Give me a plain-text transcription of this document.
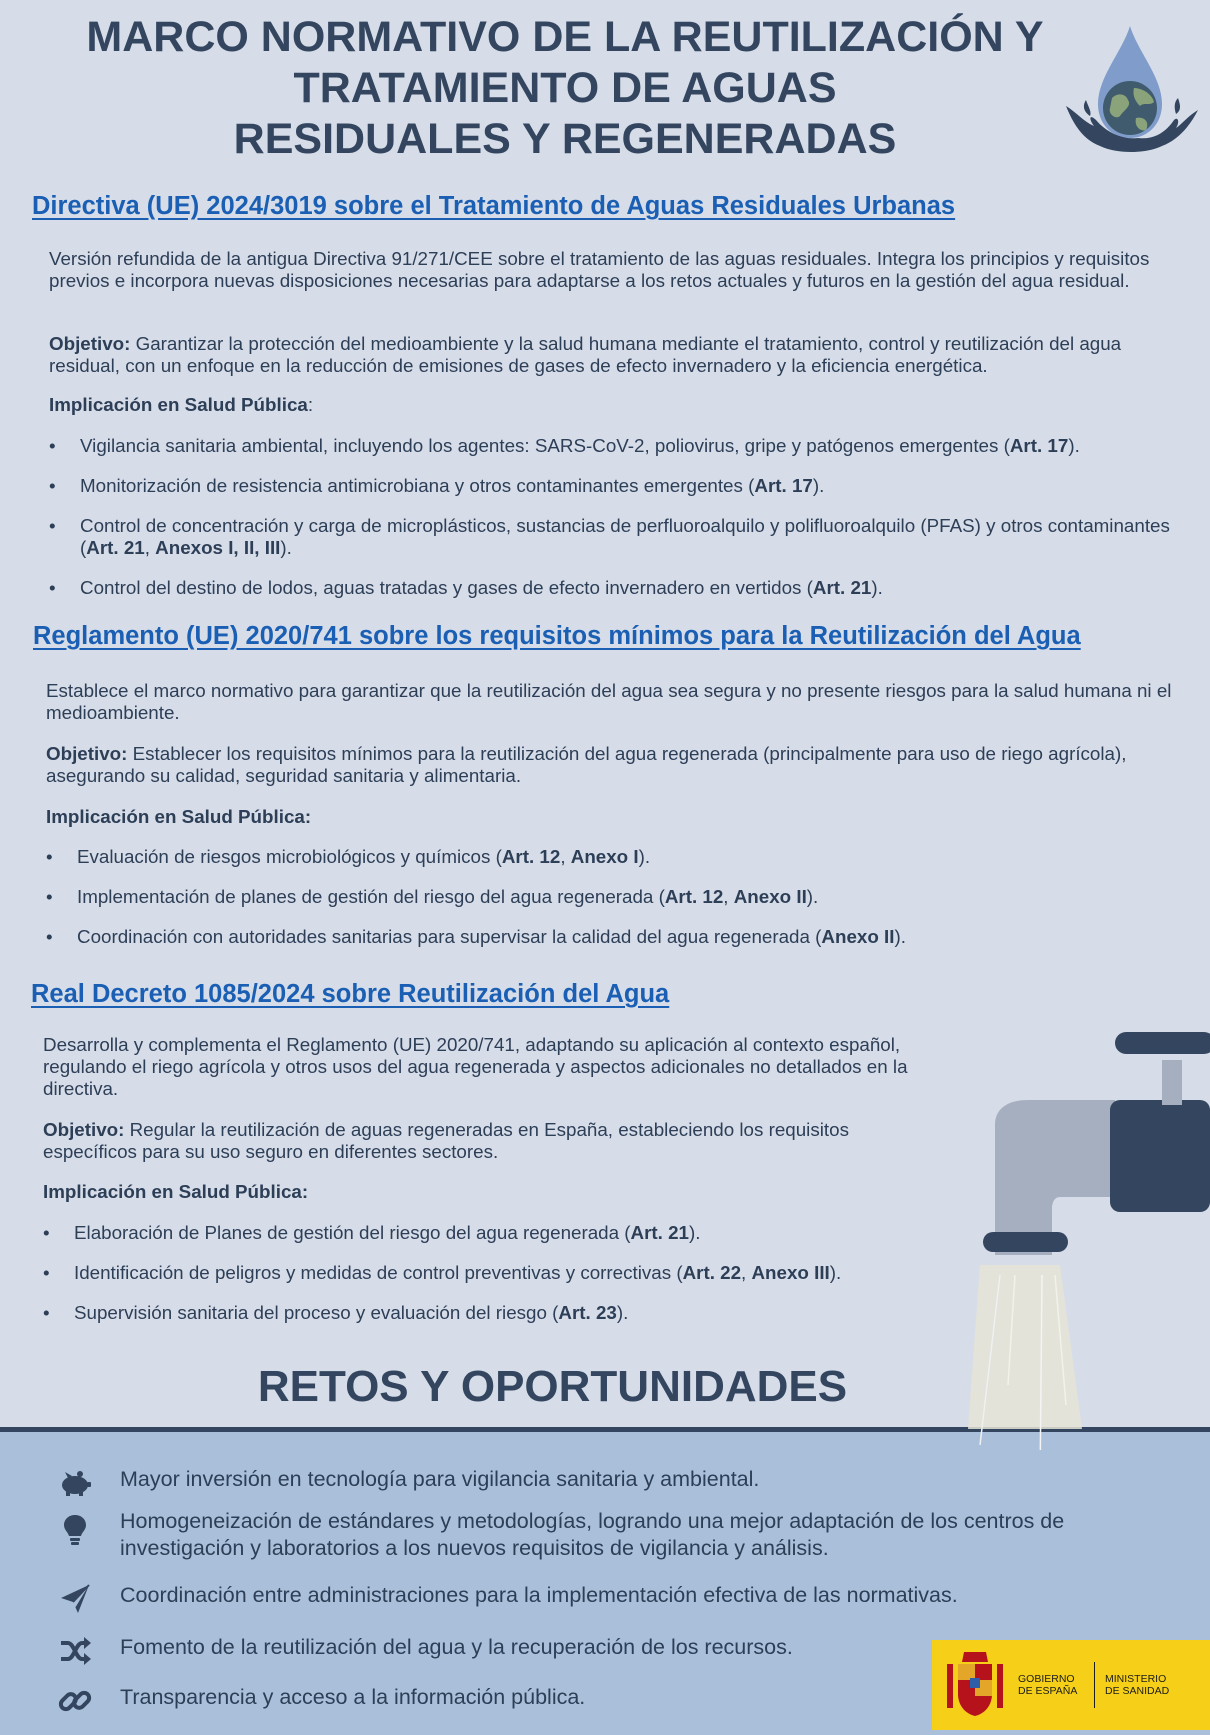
MARCO NORMATIVO DE LA REUTILIZACIÓN Y
TRATAMIENTO DE AGUAS
RESIDUALES Y REGENERADAS
Directiva (UE) 2024/3019 sobre el Tratamiento de Aguas Residuales Urbanas

Versión refundida de la antigua Directiva 91/271/CEE sobre el tratamiento de las aguas residuales. Integra los principios y requisitos previos e incorpora nuevas disposiciones necesarias para adaptarse a los retos actuales y futuros en la gestión del agua residual.

Objetivo: Garantizar la protección del medioambiente y la salud humana mediante el tratamiento, control y reutilización del agua residual, con un enfoque en la reducción de emisiones de gases de efecto invernadero y la eficiencia energética.

Implicación en Salud Pública:

• Vigilancia sanitaria ambiental, incluyendo los agentes: SARS-CoV-2, poliovirus, gripe y patógenos emergentes (Art. 17).
• Monitorización de resistencia antimicrobiana y otros contaminantes emergentes (Art. 17).
• Control de concentración y carga de microplásticos, sustancias de perfluoroalquilo y polifluoroalquilo (PFAS) y otros contaminantes (Art. 21, Anexos I, II, III).
• Control del destino de lodos, aguas tratadas y gases de efecto invernadero en vertidos (Art. 21).
Reglamento (UE) 2020/741 sobre los requisitos mínimos para la Reutilización del Agua

Establece el marco normativo para garantizar que la reutilización del agua sea segura y no presente riesgos para la salud humana ni el medioambiente.

Objetivo: Establecer los requisitos mínimos para la reutilización del agua regenerada (principalmente para uso de riego agrícola), asegurando su calidad, seguridad sanitaria y alimentaria.

Implicación en Salud Pública:

• Evaluación de riesgos microbiológicos y químicos (Art. 12, Anexo I).
• Implementación de planes de gestión del riesgo del agua regenerada (Art. 12, Anexo II).
• Coordinación con autoridades sanitarias para supervisar la calidad del agua regenerada (Anexo II).
Real Decreto 1085/2024 sobre Reutilización del Agua

Desarrolla y complementa el Reglamento (UE) 2020/741, adaptando su aplicación al contexto español, regulando el riego agrícola y otros usos del agua regenerada y aspectos adicionales no detallados en la directiva.

Objetivo: Regular la reutilización de aguas regeneradas en España, estableciendo los requisitos específicos para su uso seguro en diferentes sectores.

Implicación en Salud Pública:

• Elaboración de Planes de gestión del riesgo del agua regenerada (Art. 21).
• Identificación de peligros y medidas de control preventivas y correctivas (Art. 22, Anexo III).
• Supervisión sanitaria del proceso y evaluación del riesgo (Art. 23).
RETOS Y OPORTUNIDADES
Mayor inversión en tecnología para vigilancia sanitaria y ambiental.
Homogeneización de estándares y metodologías, logrando una mejor adaptación de los centros de investigación y laboratorios a los nuevos requisitos de vigilancia y análisis.
Coordinación entre administraciones para la implementación efectiva de las normativas.
Fomento de la reutilización del agua y la recuperación de los recursos.
Transparencia y acceso a la información pública.
GOBIERNO
DE ESPAÑA
MINISTERIO
DE SANIDAD
